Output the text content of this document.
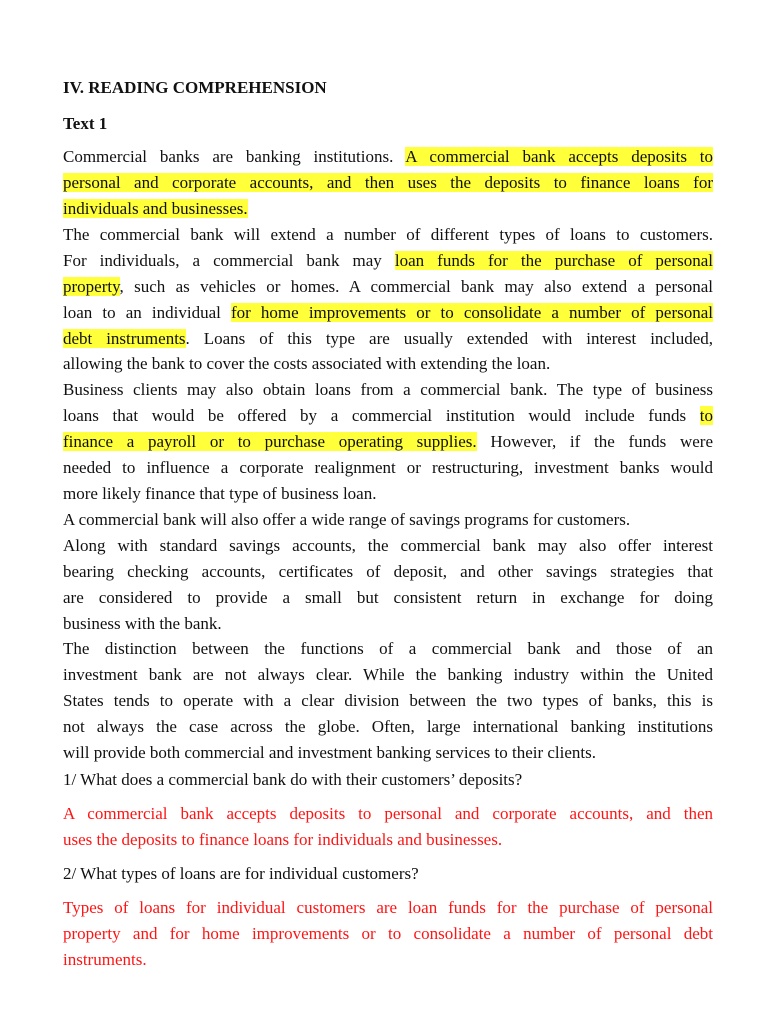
IV. READING COMPREHENSION
Text 1
Commercial banks are banking institutions. A commercial bank accepts deposits to
personal and corporate accounts, and then uses the deposits to finance loans for
individuals and businesses.
The commercial bank will extend a number of different types of loans to customers.
For individuals, a commercial bank may loan funds for the purchase of personal
property, such as vehicles or homes. A commercial bank may also extend a personal
loan to an individual for home improvements or to consolidate a number of personal
debt instruments. Loans of this type are usually extended with interest included,
allowing the bank to cover the costs associated with extending the loan.
Business clients may also obtain loans from a commercial bank. The type of business
loans that would be offered by a commercial institution would include funds to
finance a payroll or to purchase operating supplies. However, if the funds were
needed to influence a corporate realignment or restructuring, investment banks would
more likely finance that type of business loan.
A commercial bank will also offer a wide range of savings programs for customers.
Along with standard savings accounts, the commercial bank may also offer interest
bearing checking accounts, certificates of deposit, and other savings strategies that
are considered to provide a small but consistent return in exchange for doing
business with the bank.
The distinction between the functions of a commercial bank and those of an
investment bank are not always clear. While the banking industry within the United
States tends to operate with a clear division between the two types of banks, this is
not always the case across the globe. Often, large international banking institutions
will provide both commercial and investment banking services to their clients.
1/ What does a commercial bank do with their customers’ deposits?
A commercial bank accepts deposits to personal and corporate accounts, and then
uses the deposits to finance loans for individuals and businesses.
2/ What types of loans are for individual customers?
Types of loans for individual customers are loan funds for the purchase of personal
property and for home improvements or to consolidate a number of personal debt
instruments.
